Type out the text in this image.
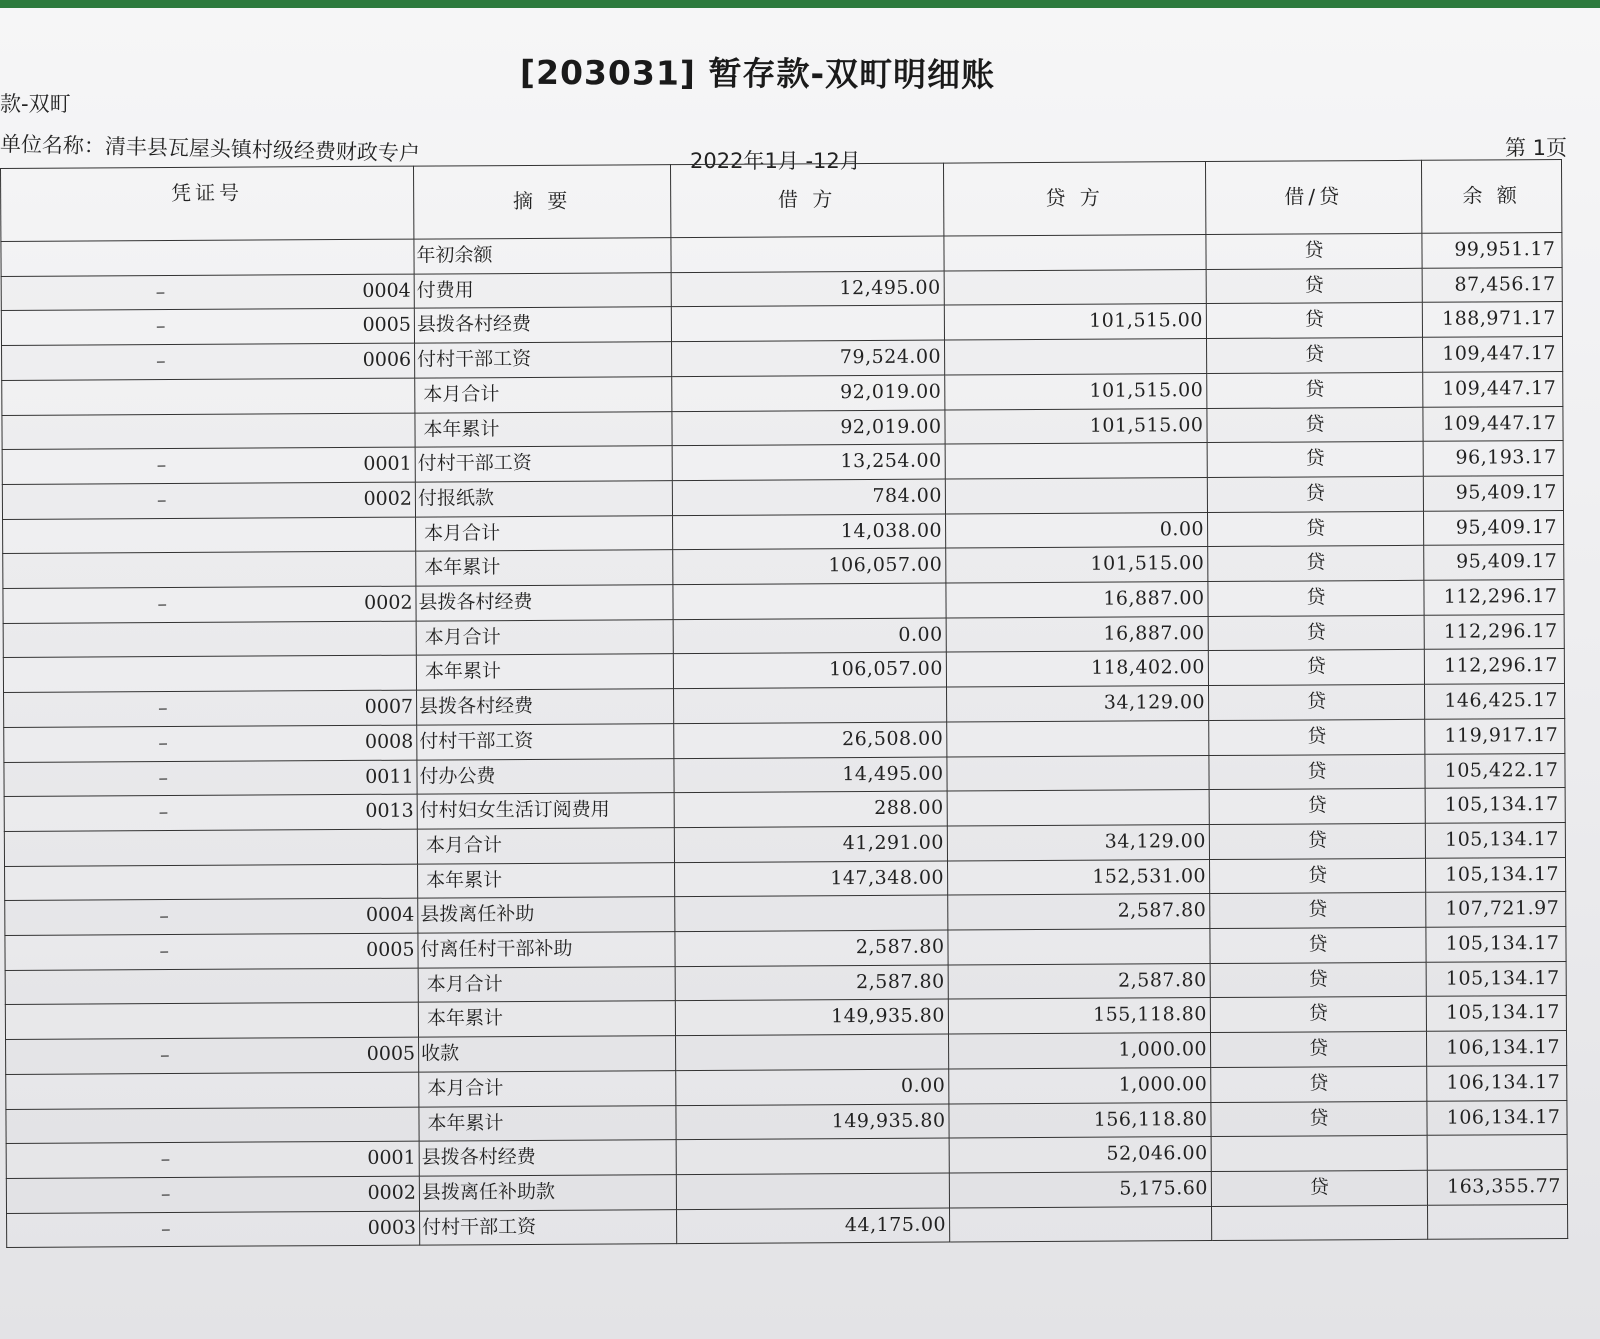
[203031] 暂存款-双町明细账
款-双町
单位名称：清丰县瓦屋头镇村级经费财政专户	2022年1月 -12月
第 1页
凭证号	摘 要	借 方	贷 方	借/贷	余 额

	年初余额			贷	99,951.17

– 0004	付费用	12,495.00		贷	87,456.17

– 0005	县拨各村经费		101,515.00	贷	188,971.17

– 0006	付村干部工资	79,524.00		贷	109,447.17

	本月合计	92,019.00	101,515.00	贷	109,447.17

	本年累计	92,019.00	101,515.00	贷	109,447.17

– 0001	付村干部工资	13,254.00		贷	96,193.17

– 0002	付报纸款	784.00		贷	95,409.17

	本月合计	14,038.00	0.00	贷	95,409.17

	本年累计	106,057.00	101,515.00	贷	95,409.17

– 0002	县拨各村经费		16,887.00	贷	112,296.17

	本月合计	0.00	16,887.00	贷	112,296.17

	本年累计	106,057.00	118,402.00	贷	112,296.17

– 0007	县拨各村经费		34,129.00	贷	146,425.17

– 0008	付村干部工资	26,508.00		贷	119,917.17

– 0011	付办公费	14,495.00		贷	105,422.17

– 0013	付村妇女生活订阅费用	288.00		贷	105,134.17

	本月合计	41,291.00	34,129.00	贷	105,134.17

	本年累计	147,348.00	152,531.00	贷	105,134.17

– 0004	县拨离任补助		2,587.80	贷	107,721.97

– 0005	付离任村干部补助	2,587.80		贷	105,134.17

	本月合计	2,587.80	2,587.80	贷	105,134.17

	本年累计	149,935.80	155,118.80	贷	105,134.17

– 0005	收款		1,000.00	贷	106,134.17

	本月合计	0.00	1,000.00	贷	106,134.17

	本年累计	149,935.80	156,118.80	贷	106,134.17

– 0001	县拨各村经费		52,046.00		

– 0002	县拨离任补助款		5,175.60	贷	163,355.77

– 0003	付村干部工资	44,175.00			
